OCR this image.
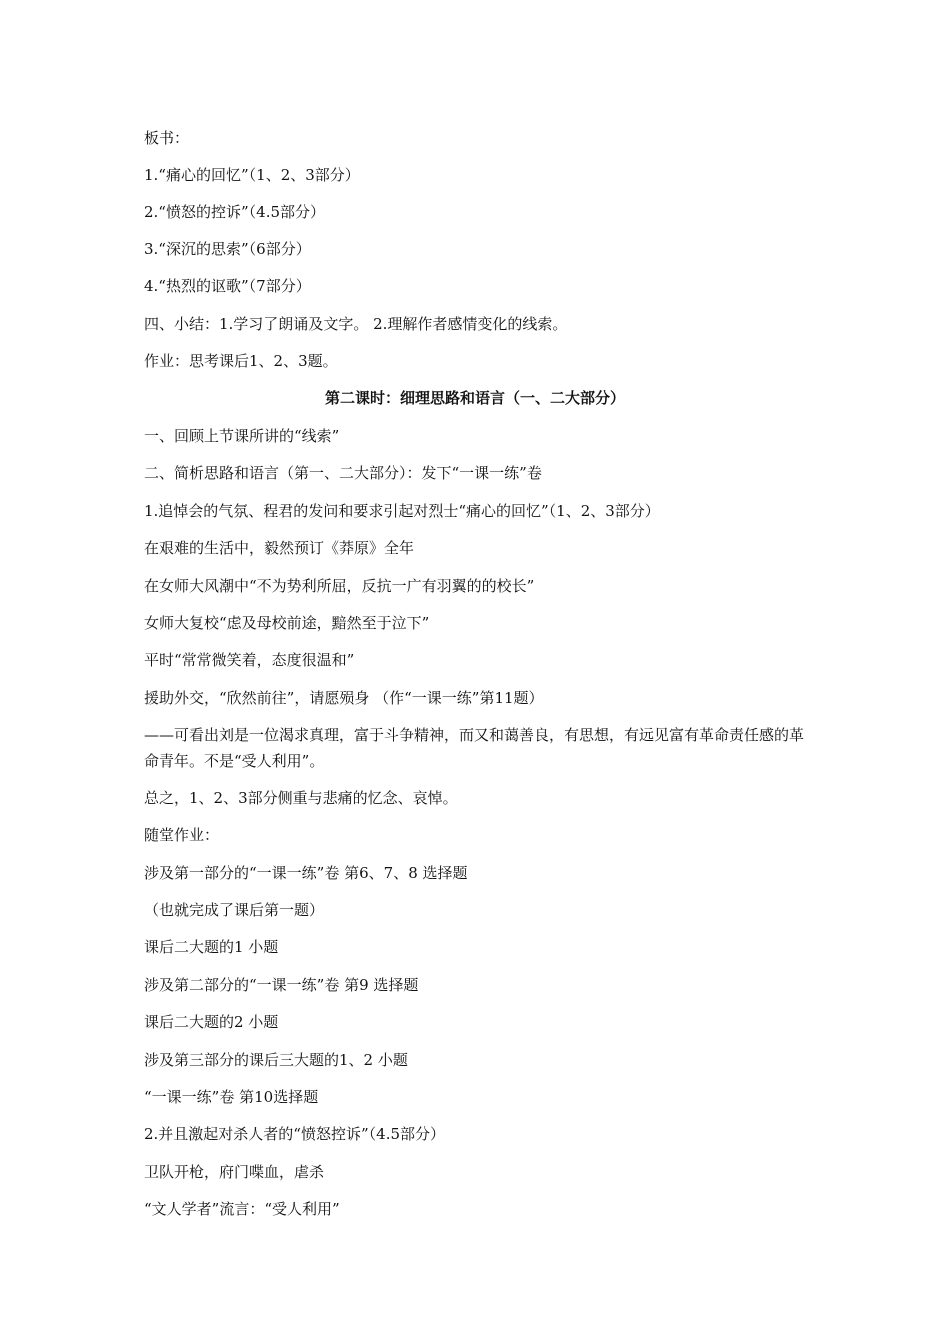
板书：
1.“痛心的回忆”（1、2、3部分）
2.“愤怒的控诉”（4.5部分）
3.“深沉的思索”（6部分）
4.“热烈的讴歌”（7部分）
四、小结：1.学习了朗诵及文字。 2.理解作者感情变化的线索。
作业：思考课后1、2、3题。
第二课时：细理思路和语言（一、二大部分）
一、回顾上节课所讲的“线索”
二、简析思路和语言（第一、二大部分）：发下“一课一练”卷
1.追悼会的气氛、程君的发问和要求引起对烈士“痛心的回忆”（1、2、3部分）
在艰难的生活中，毅然预订《莽原》全年
在女师大风潮中“不为势利所屈，反抗一广有羽翼的的校长”
女师大复校“虑及母校前途，黯然至于泣下”
平时“常常微笑着，态度很温和”
援助外交，“欣然前往”，请愿殒身 （作“一课一练”第11题）
——可看出刘是一位渴求真理，富于斗争精神，而又和蔼善良，有思想，有远见富有革命责任感的革命青年。不是“受人利用”。
总之，1、2、3部分侧重与悲痛的忆念、哀悼。
随堂作业：
涉及第一部分的“一课一练”卷 第6、7、8 选择题
（也就完成了课后第一题）
课后二大题的1 小题
涉及第二部分的“一课一练”卷 第9 选择题
课后二大题的2 小题
涉及第三部分的课后三大题的1、2 小题
“一课一练”卷 第10选择题
2.并且激起对杀人者的“愤怒控诉”（4.5部分）
卫队开枪，府门喋血，虐杀
“文人学者”流言：“受人利用”
